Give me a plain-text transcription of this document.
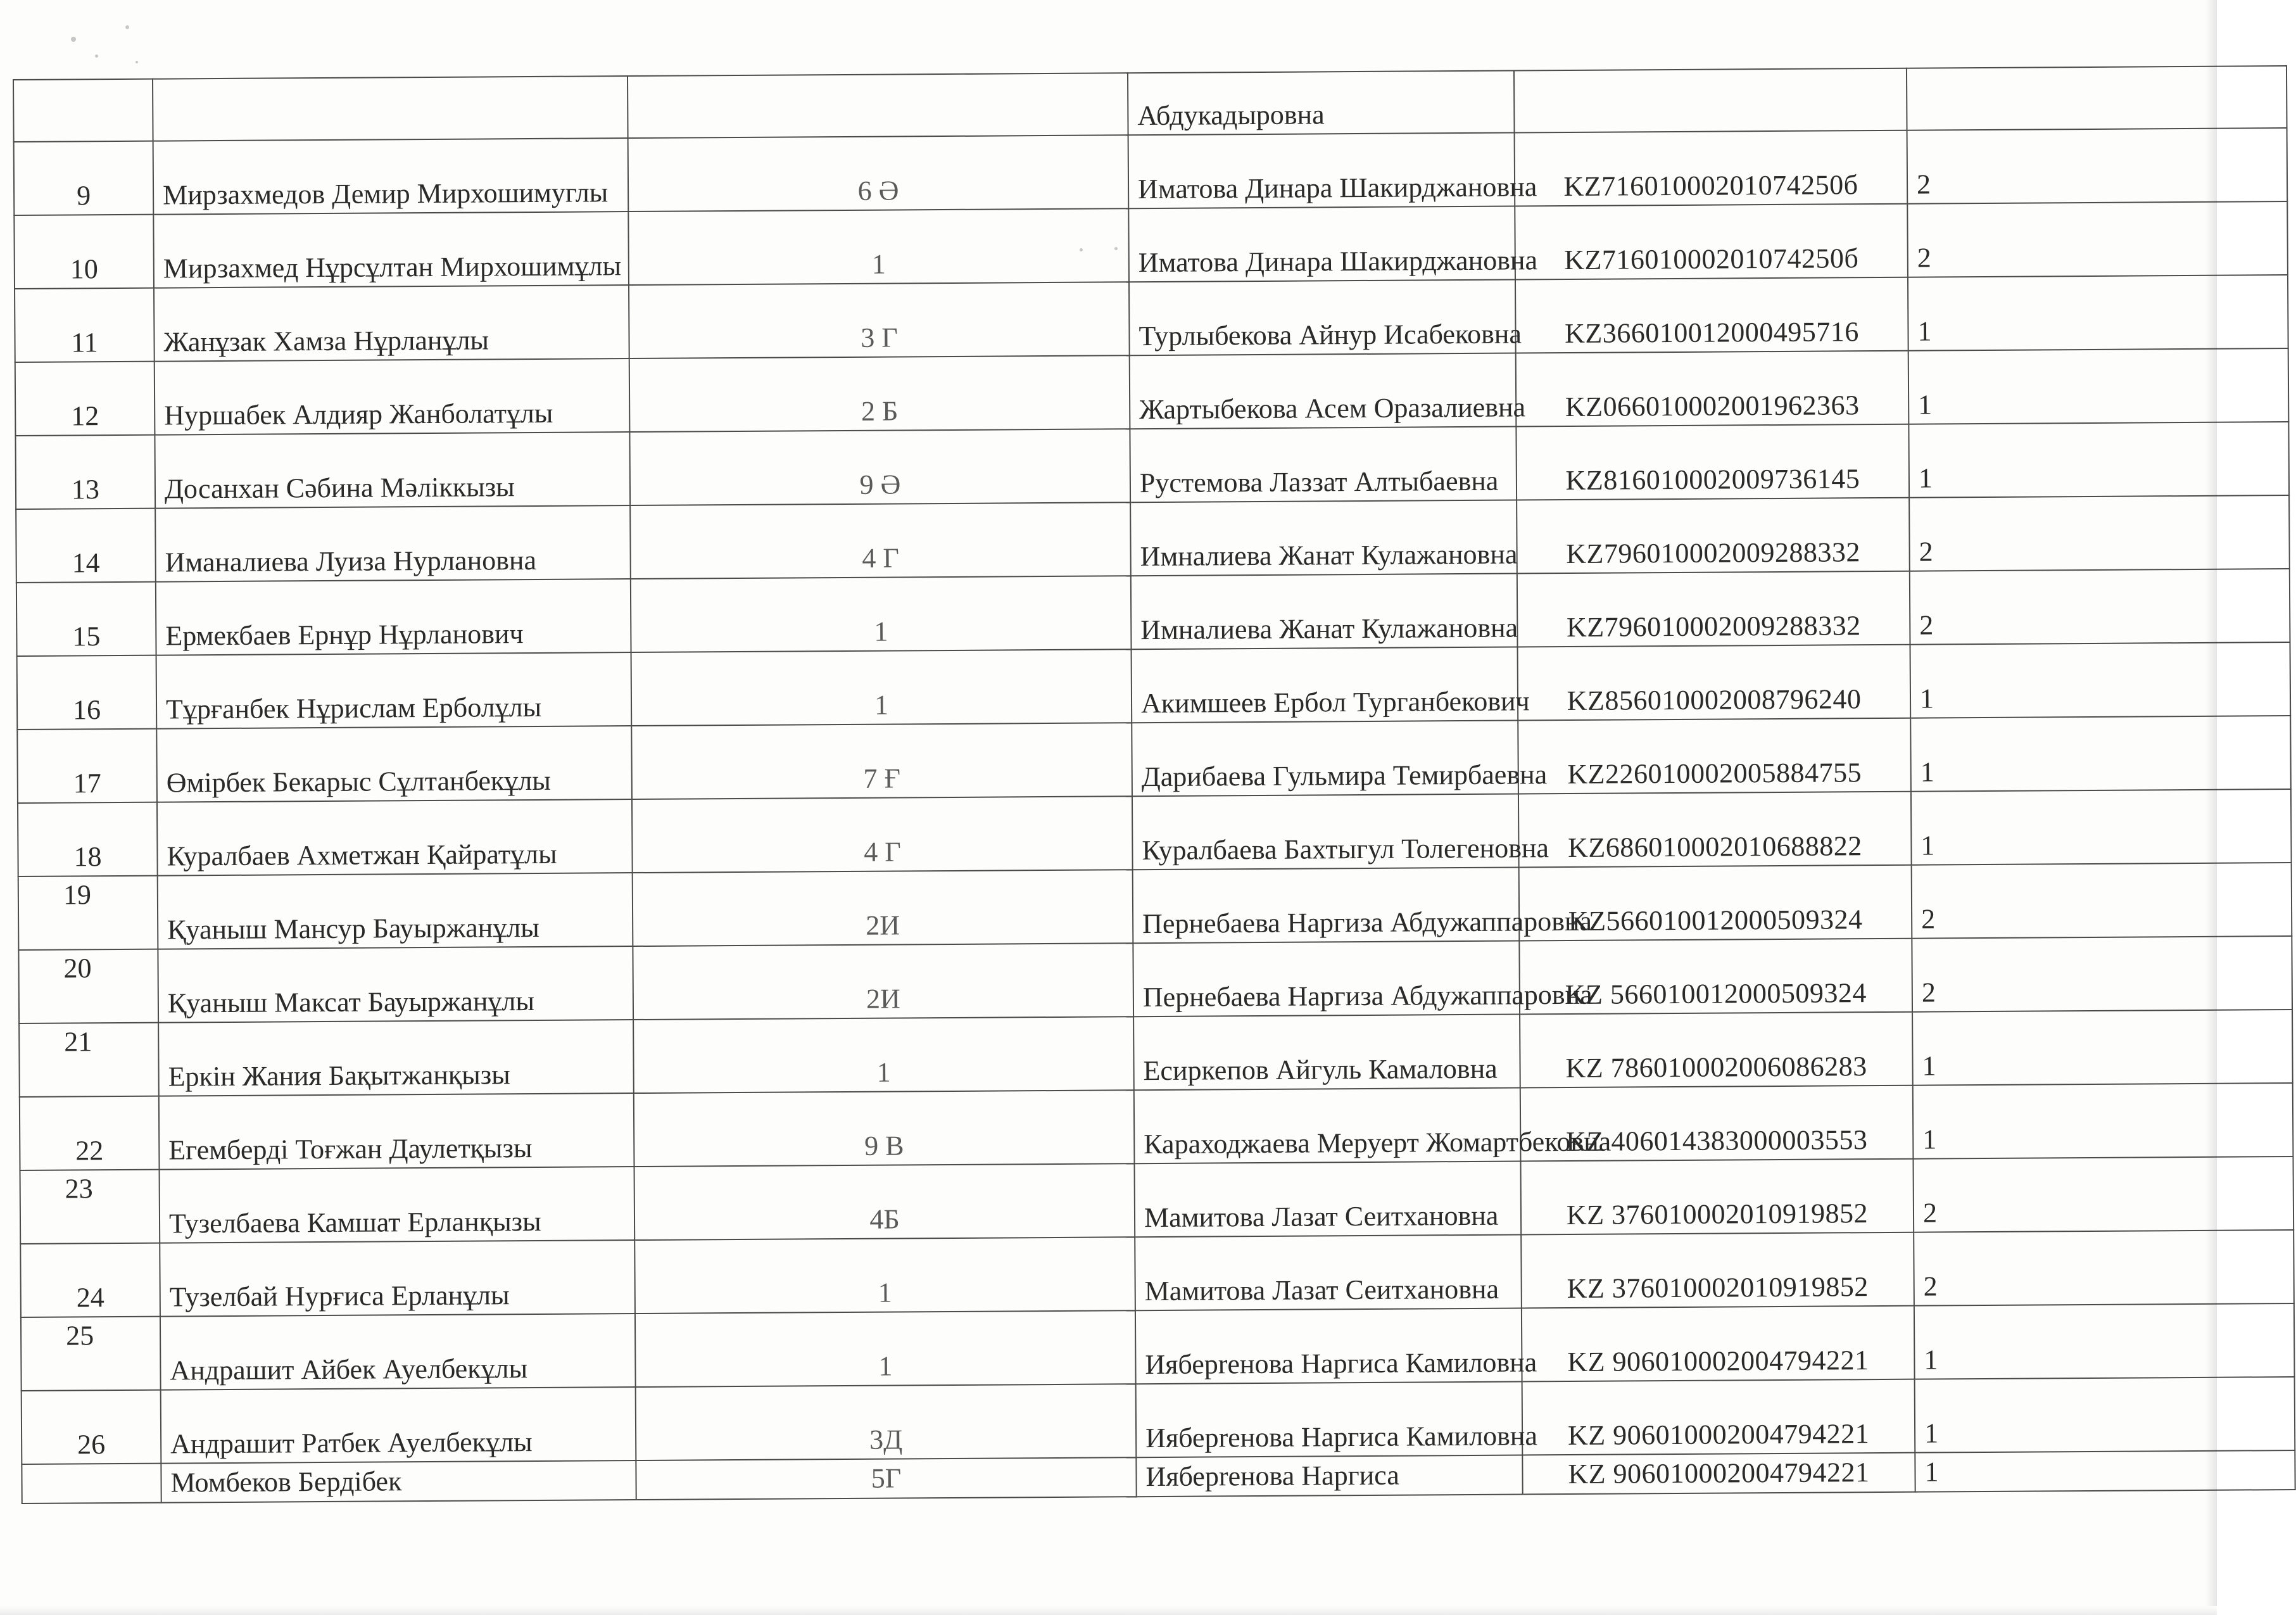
			Абдукадыровна		
9	Мирзахмедов Демир Мирхошимуглы	6 Ә	Иматова Динара Шакирджановна	KZ71601000201074250б	2
10	Мирзахмед Нұрсұлтан Мирхошимұлы	1	Иматова Динара Шакирджановна	KZ71601000201074250б	2
11	Жанұзак Хамза Нұрланұлы	3 Г	Турлыбекова Айнур Исабековна	KZ366010012000495716	1
12	Нуршабек Алдияр Жанболатұлы	2 Б	Жартыбекова Асем Оразалиевна	KZ066010002001962363	1
13	Досанхан Сәбина Мәліккызы	9 Ә	Рустемова Лаззат Алтыбаевна	KZ816010002009736145	1
14	Иманалиева Луиза Нурлановна	4 Г	Имналиева Жанат Кулажановна	KZ796010002009288332	2
15	Ермекбаев Ернұр Нұрланович	1	Имналиева Жанат Кулажановна	KZ796010002009288332	2
16	Тұрғанбек Нұрислам Ерболұлы	1	Акимшеев Ербол Турганбекович	KZ856010002008796240	1
17	Өмірбек Бекарыс Сұлтанбекұлы	7 Ғ	Дарибаева Гульмира Темирбаевна	KZ226010002005884755	1
18	Куралбаев Ахметжан Қайратұлы	4 Г	Куралбаева Бахтыгул Толегеновна	KZ686010002010688822	1
19	Қуаныш Мансур Бауыржанұлы	2И	Пернебаева Наргиза Абдужаппаровна	KZ566010012000509324	2
20	Қуаныш Максат Бауыржанұлы	2И	Пернебаева Наргиза Абдужаппаровна	KZ 566010012000509324	2
21	Еркін Жания Бақытжанқызы	1	Есиркепов Айгуль Камаловна	KZ 786010002006086283	1
22	Егемберді Тоғжан Даулетқызы	9 В	Караходжаева Меруерт Жомартбековна	KZ 406014383000003553	1
23	Тузелбаева Камшат Ерланқызы	4Б	Мамитова Лазат Сеитхановна	KZ 376010002010919852	2
24	Тузелбай Нурғиса Ерланұлы	1	Мамитова Лазат Сеитхановна	KZ 376010002010919852	2
25	Андрашит Айбек Ауелбекұлы	1	Ияберrенова Наргиса Камиловна	KZ 906010002004794221	1
26	Андрашит Ратбек Ауелбекұлы	3Д	Ияберrенова Наргиса Камиловна	KZ 906010002004794221	1
	Момбеков Бердібек	5Г	Ияберrенова Наргиса	KZ 906010002004794221	1
